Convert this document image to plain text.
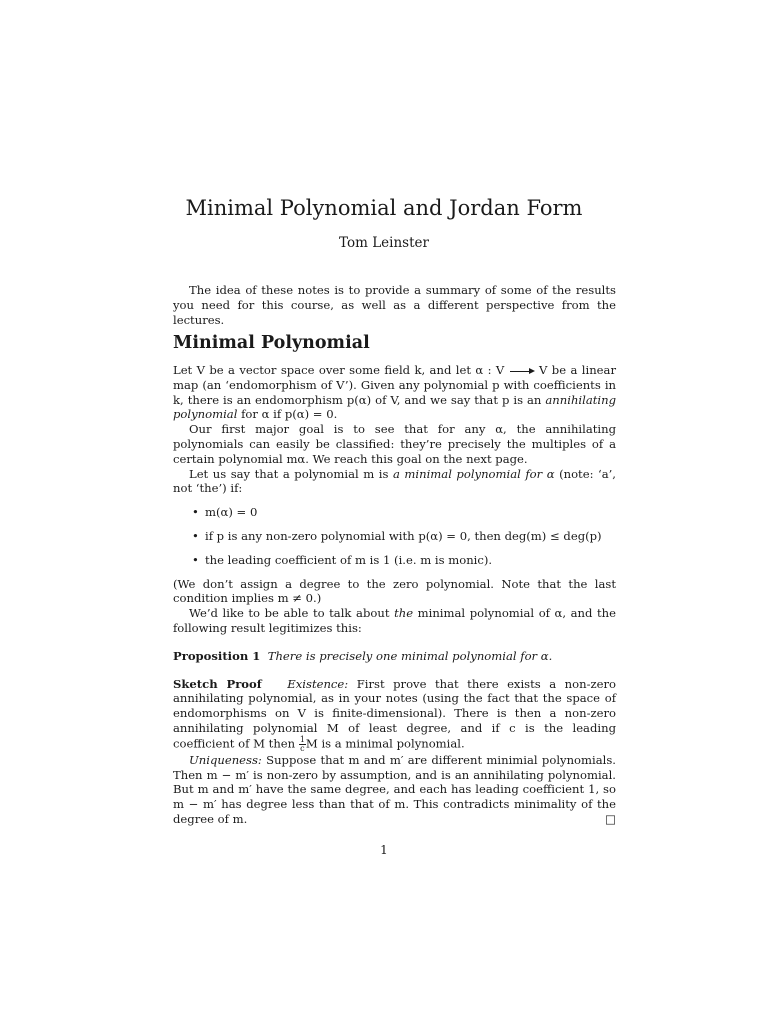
Minimal Polynomial and Jordan Form
Tom Leinster

The idea of these notes is to provide a summary of some of the results you need for this course, as well as a different perspective from the lectures.

Minimal Polynomial

Let V be a vector space over some field k, and let α : V	V be a linear map (an ‘endomorphism of V’). Given any polynomial p with coefficients in k, there is an endomorphism p(α) of V, and we say that p is an annihilating polynomial for α if p(α) = 0.

Our first major goal is to see that for any α, the annihilating polynomials can easily be classified: they’re precisely the multiples of a certain polynomial mα. We reach this goal on the next page.

Let us say that a polynomial m is a minimal polynomial for α (note: ‘a’, not ‘the’) if:

• m(α) = 0
• if p is any non-zero polynomial with p(α) = 0, then deg(m) ≤ deg(p)
• the leading coefficient of m is 1 (i.e. m is monic).

(We don’t assign a degree to the zero polynomial. Note that the last condition implies m ≠ 0.)

We’d like to be able to talk about the minimal polynomial of α, and the following result legitimizes this:

Proposition 1 There is precisely one minimal polynomial for α.

Sketch Proof Existence: First prove that there exists a non-zero annihilating polynomial, as in your notes (using the fact that the space of endomorphisms on V is finite-dimensional). There is then a non-zero annihilating polynomial M of least degree, and if c is the leading coefficient of M then $\frac{1}{c}$ M is a minimal polynomial.

Uniqueness: Suppose that m and m′ are different minimial polynomials. Then m − m′ is non-zero by assumption, and is an annihilating polynomial. But m and m′ have the same degree, and each has leading coefficient 1, so m − m′ has degree less than that of m. This contradicts minimality of the degree of m.	□

1
